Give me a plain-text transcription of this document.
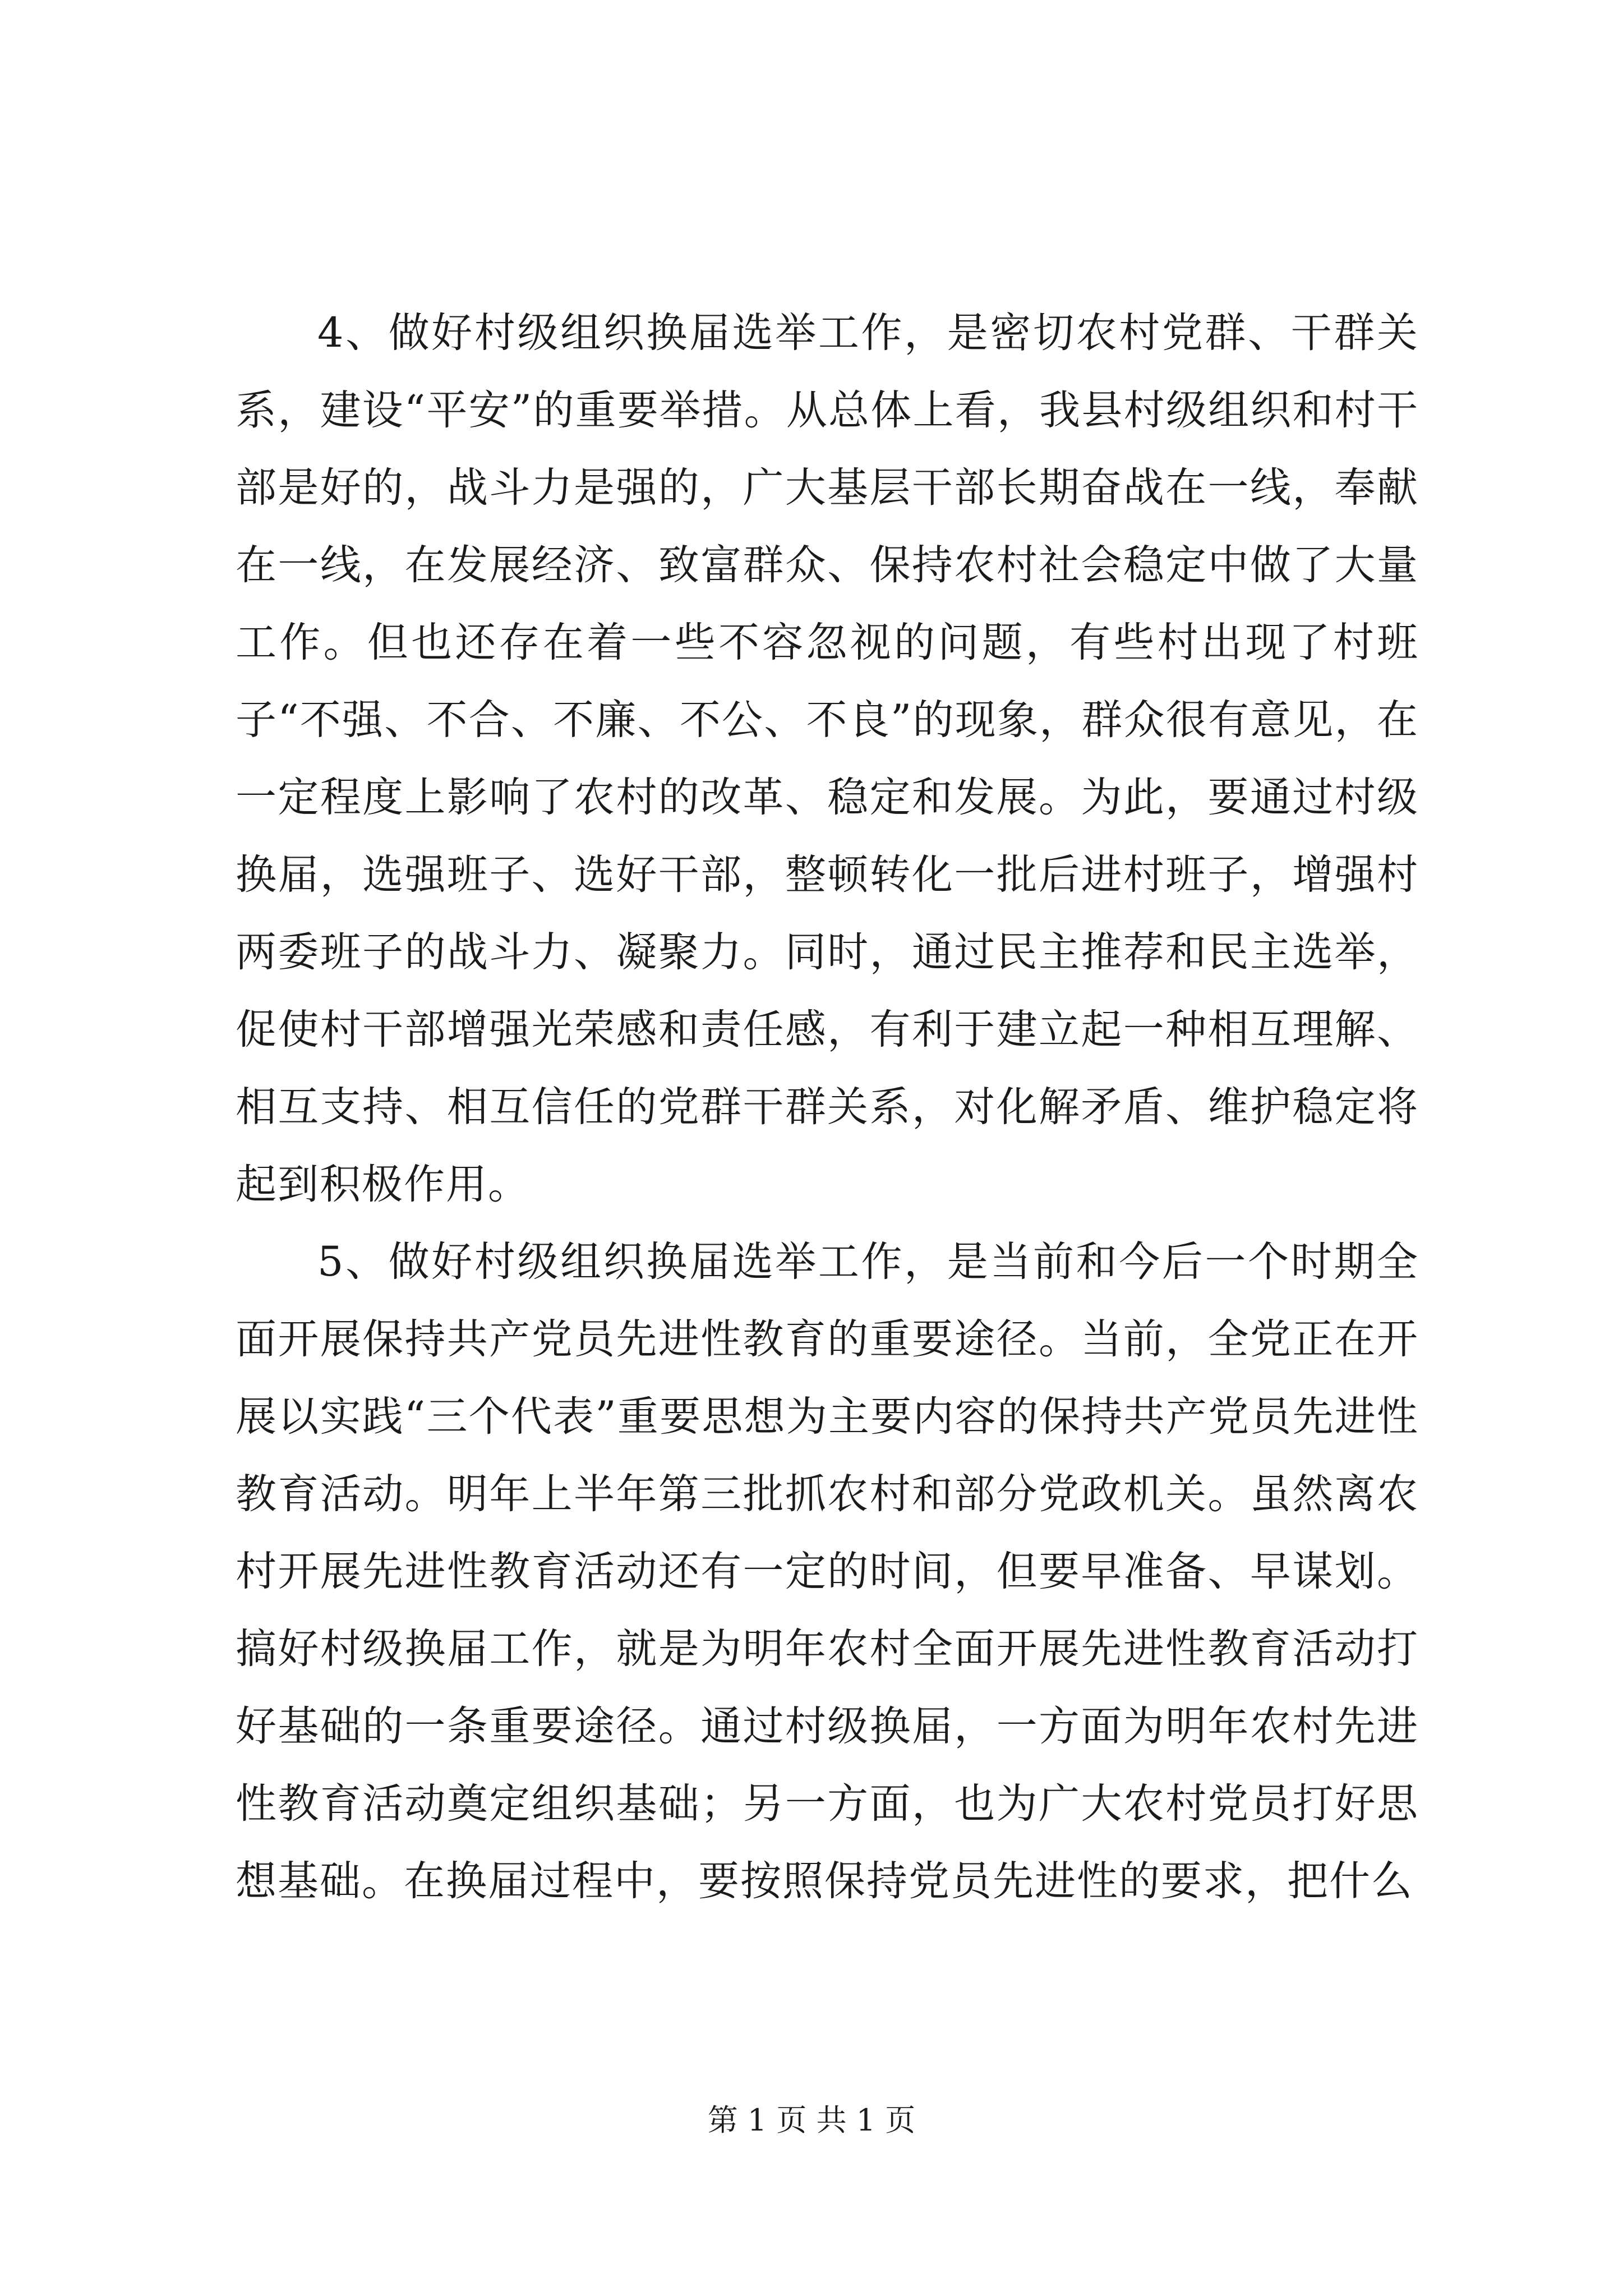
4、做好村级组织换届选举工作，是密切农村党群、干群关系，建设“平安”的重要举措。从总体上看，我县村级组织和村干部是好的，战斗力是强的，广大基层干部长期奋战在一线，奉献在一线，在发展经济、致富群众、保持农村社会稳定中做了大量工作。但也还存在着一些不容忽视的问题，有些村出现了村班子“不强、不合、不廉、不公、不良”的现象，群众很有意见，在一定程度上影响了农村的改革、稳定和发展。为此，要通过村级换届，选强班子、选好干部，整顿转化一批后进村班子，增强村两委班子的战斗力、凝聚力。同时，通过民主推荐和民主选举，促使村干部增强光荣感和责任感，有利于建立起一种相互理解、相互支持、相互信任的党群干群关系，对化解矛盾、维护稳定将起到积极作用。

5、做好村级组织换届选举工作，是当前和今后一个时期全面开展保持共产党员先进性教育的重要途径。当前，全党正在开展以实践“三个代表”重要思想为主要内容的保持共产党员先进性教育活动。明年上半年第三批抓农村和部分党政机关。虽然离农村开展先进性教育活动还有一定的时间，但要早准备、早谋划。搞好村级换届工作，就是为明年农村全面开展先进性教育活动打好基础的一条重要途径。通过村级换届，一方面为明年农村先进性教育活动奠定组织基础；另一方面，也为广大农村党员打好思想基础。在换届过程中，要按照保持党员先进性的要求，把什么

第 1 页 共 1 页
